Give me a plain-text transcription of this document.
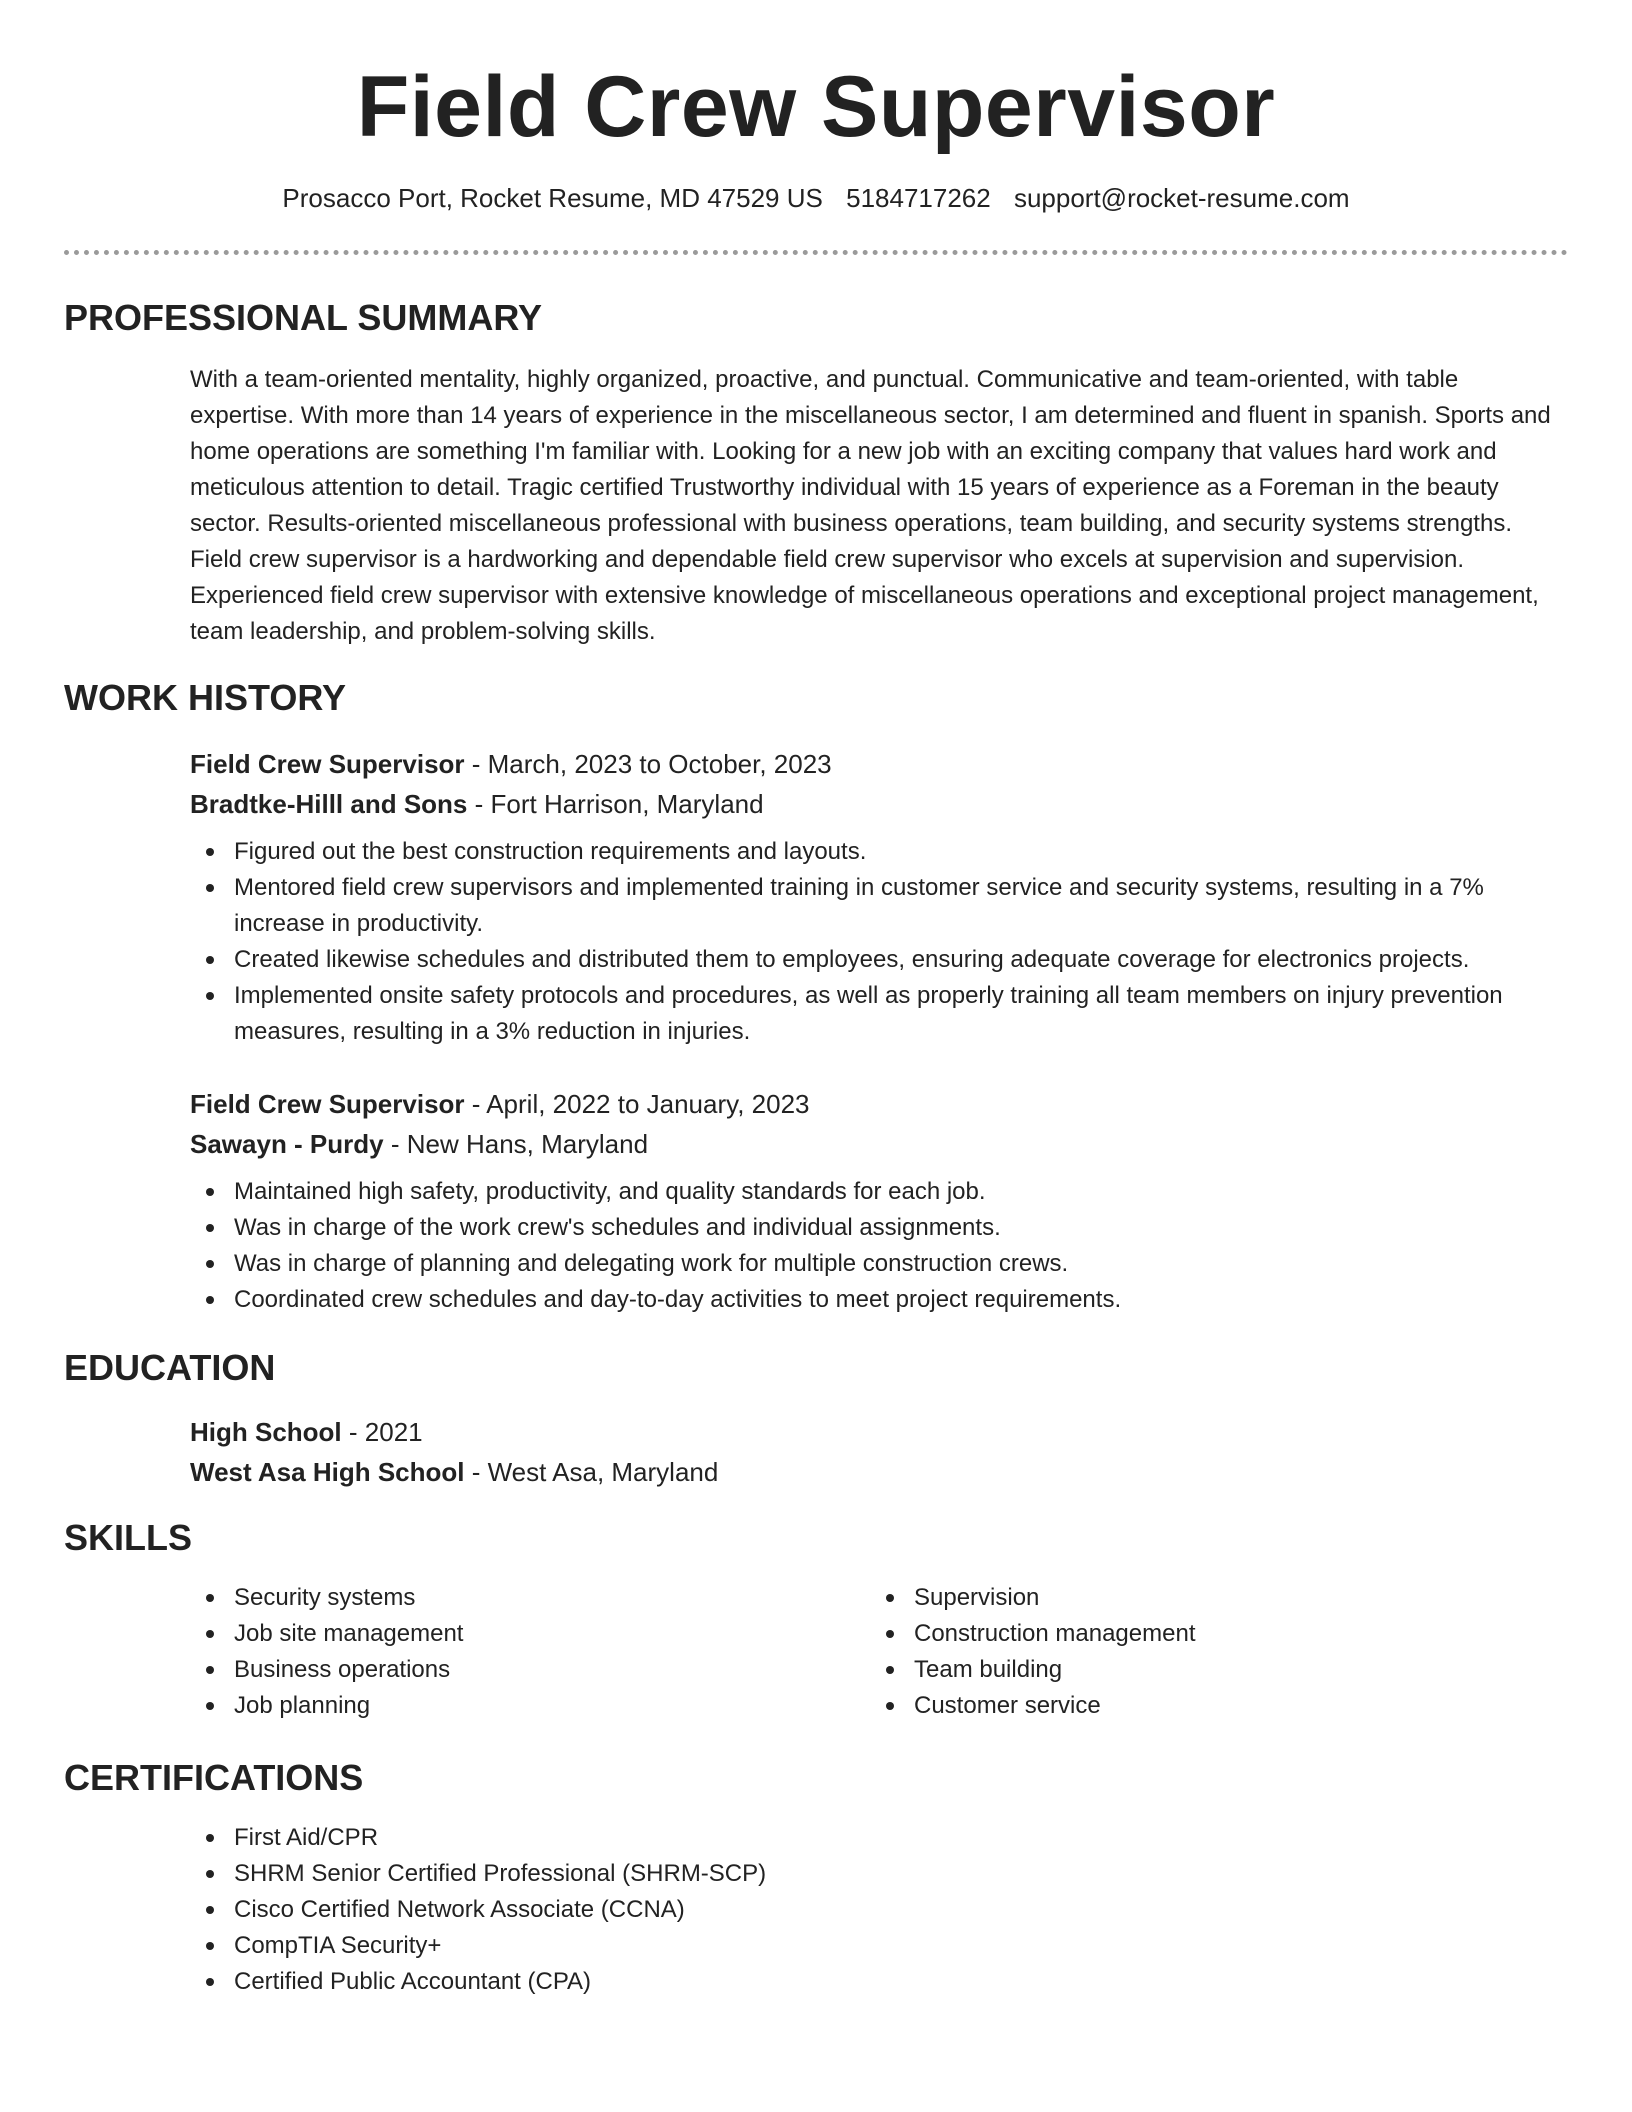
Field Crew Supervisor
Prosacco Port, Rocket Resume, MD 47529 US 5184717262 support@rocket-resume.com
PROFESSIONAL SUMMARY

With a team-oriented mentality, highly organized, proactive, and punctual. Communicative and team-oriented, with table expertise. With more than 14 years of experience in the miscellaneous sector, I am determined and fluent in spanish. Sports and home operations are something I'm familiar with. Looking for a new job with an exciting company that values hard work and meticulous attention to detail. Tragic certified Trustworthy individual with 15 years of experience as a Foreman in the beauty sector. Results-oriented miscellaneous professional with business operations, team building, and security systems strengths. Field crew supervisor is a hardworking and dependable field crew supervisor who excels at supervision and supervision. Experienced field crew supervisor with extensive knowledge of miscellaneous operations and exceptional project management, team leadership, and problem-solving skills.

WORK HISTORY
Field Crew Supervisor - March, 2023 to October, 2023
Bradtke-Hilll and Sons - Fort Harrison, Maryland
Figured out the best construction requirements and layouts.
Mentored field crew supervisors and implemented training in customer service and security systems, resulting in a 7% increase in productivity.
Created likewise schedules and distributed them to employees, ensuring adequate coverage for electronics projects.
Implemented onsite safety protocols and procedures, as well as properly training all team members on injury prevention measures, resulting in a 3% reduction in injuries.
Field Crew Supervisor - April, 2022 to January, 2023
Sawayn - Purdy - New Hans, Maryland
Maintained high safety, productivity, and quality standards for each job.
Was in charge of the work crew's schedules and individual assignments.
Was in charge of planning and delegating work for multiple construction crews.
Coordinated crew schedules and day-to-day activities to meet project requirements.
EDUCATION
High School - 2021
West Asa High School - West Asa, Maryland
SKILLS
Security systems
Job site management
Business operations
Job planning
Supervision
Construction management
Team building
Customer service
CERTIFICATIONS
First Aid/CPR
SHRM Senior Certified Professional (SHRM-SCP)
Cisco Certified Network Associate (CCNA)
CompTIA Security+
Certified Public Accountant (CPA)
